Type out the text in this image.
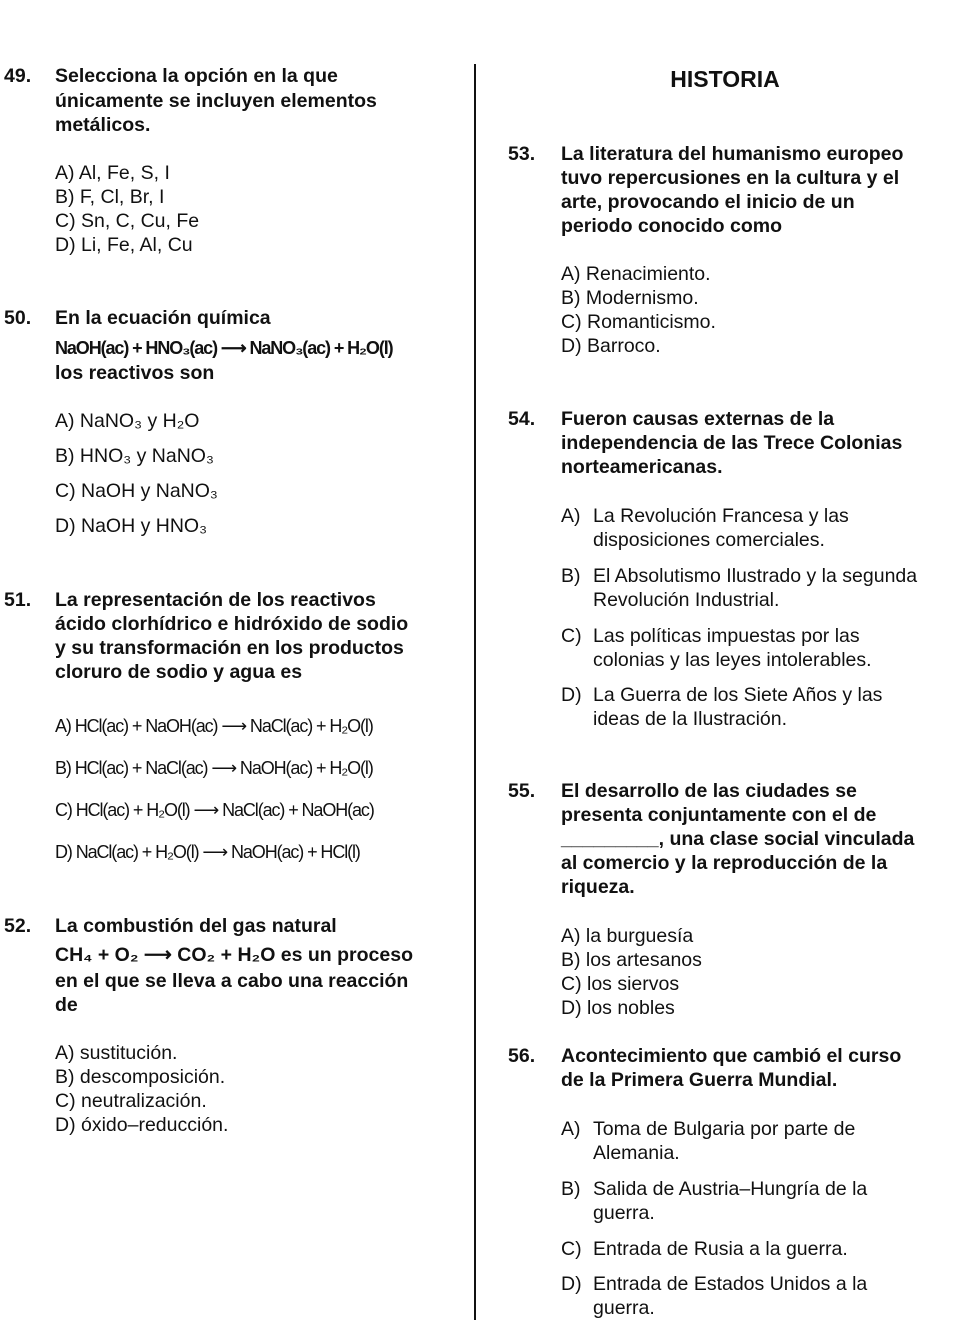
49. Selecciona la opción en la que
únicamente se incluyen elementos
metálicos.
A) Al, Fe, S, I
B) F, Cl, Br, I
C) Sn, C, Cu, Fe
D) Li, Fe, Al, Cu
50. En la ecuación química
NaOH(ac) + HNO₃(ac) ⟶ NaNO₃(ac) + H₂O(l)
los reactivos son
A) NaNO₃ y H₂O
B) HNO₃ y NaNO₃
C) NaOH y NaNO₃
D) NaOH y HNO₃
51. La representación de los reactivos
ácido clorhídrico e hidróxido de sodio
y su transformación en los productos
cloruro de sodio y agua es
A) HCl(ac) + NaOH(ac) ⟶ NaCl(ac) + H₂O(l)
B) HCl(ac) + NaCl(ac) ⟶ NaOH(ac) + H₂O(l)
C) HCl(ac) + H₂O(l) ⟶ NaCl(ac) + NaOH(ac)
D) NaCl(ac) + H₂O(l) ⟶ NaOH(ac) + HCl(l)
52. La combustión del gas natural
CH₄ + O₂ ⟶ CO₂ + H₂O es un proceso
en el que se lleva a cabo una reacción
de
A) sustitución.
B) descomposición.
C) neutralización.
D) óxido–reducción.
HISTORIA
53. La literatura del humanismo europeo
tuvo repercusiones en la cultura y el
arte, provocando el inicio de un
periodo conocido como
A) Renacimiento.
B) Modernismo.
C) Romanticismo.
D) Barroco.
54. Fueron causas externas de la
independencia de las Trece Colonias
norteamericanas.
A) La Revolución Francesa y las
disposiciones comerciales.
B) El Absolutismo Ilustrado y la segunda
Revolución Industrial.
C) Las políticas impuestas por las
colonias y las leyes intolerables.
D) La Guerra de los Siete Años y las
ideas de la Ilustración.
55. El desarrollo de las ciudades se
presenta conjuntamente con el de
_________, una clase social vinculada
al comercio y la reproducción de la
riqueza.
A) la burguesía
B) los artesanos
C) los siervos
D) los nobles
56. Acontecimiento que cambió el curso
de la Primera Guerra Mundial.
A) Toma de Bulgaria por parte de
Alemania.
B) Salida de Austria–Hungría de la
guerra.
C) Entrada de Rusia a la guerra.
D) Entrada de Estados Unidos a la
guerra.
